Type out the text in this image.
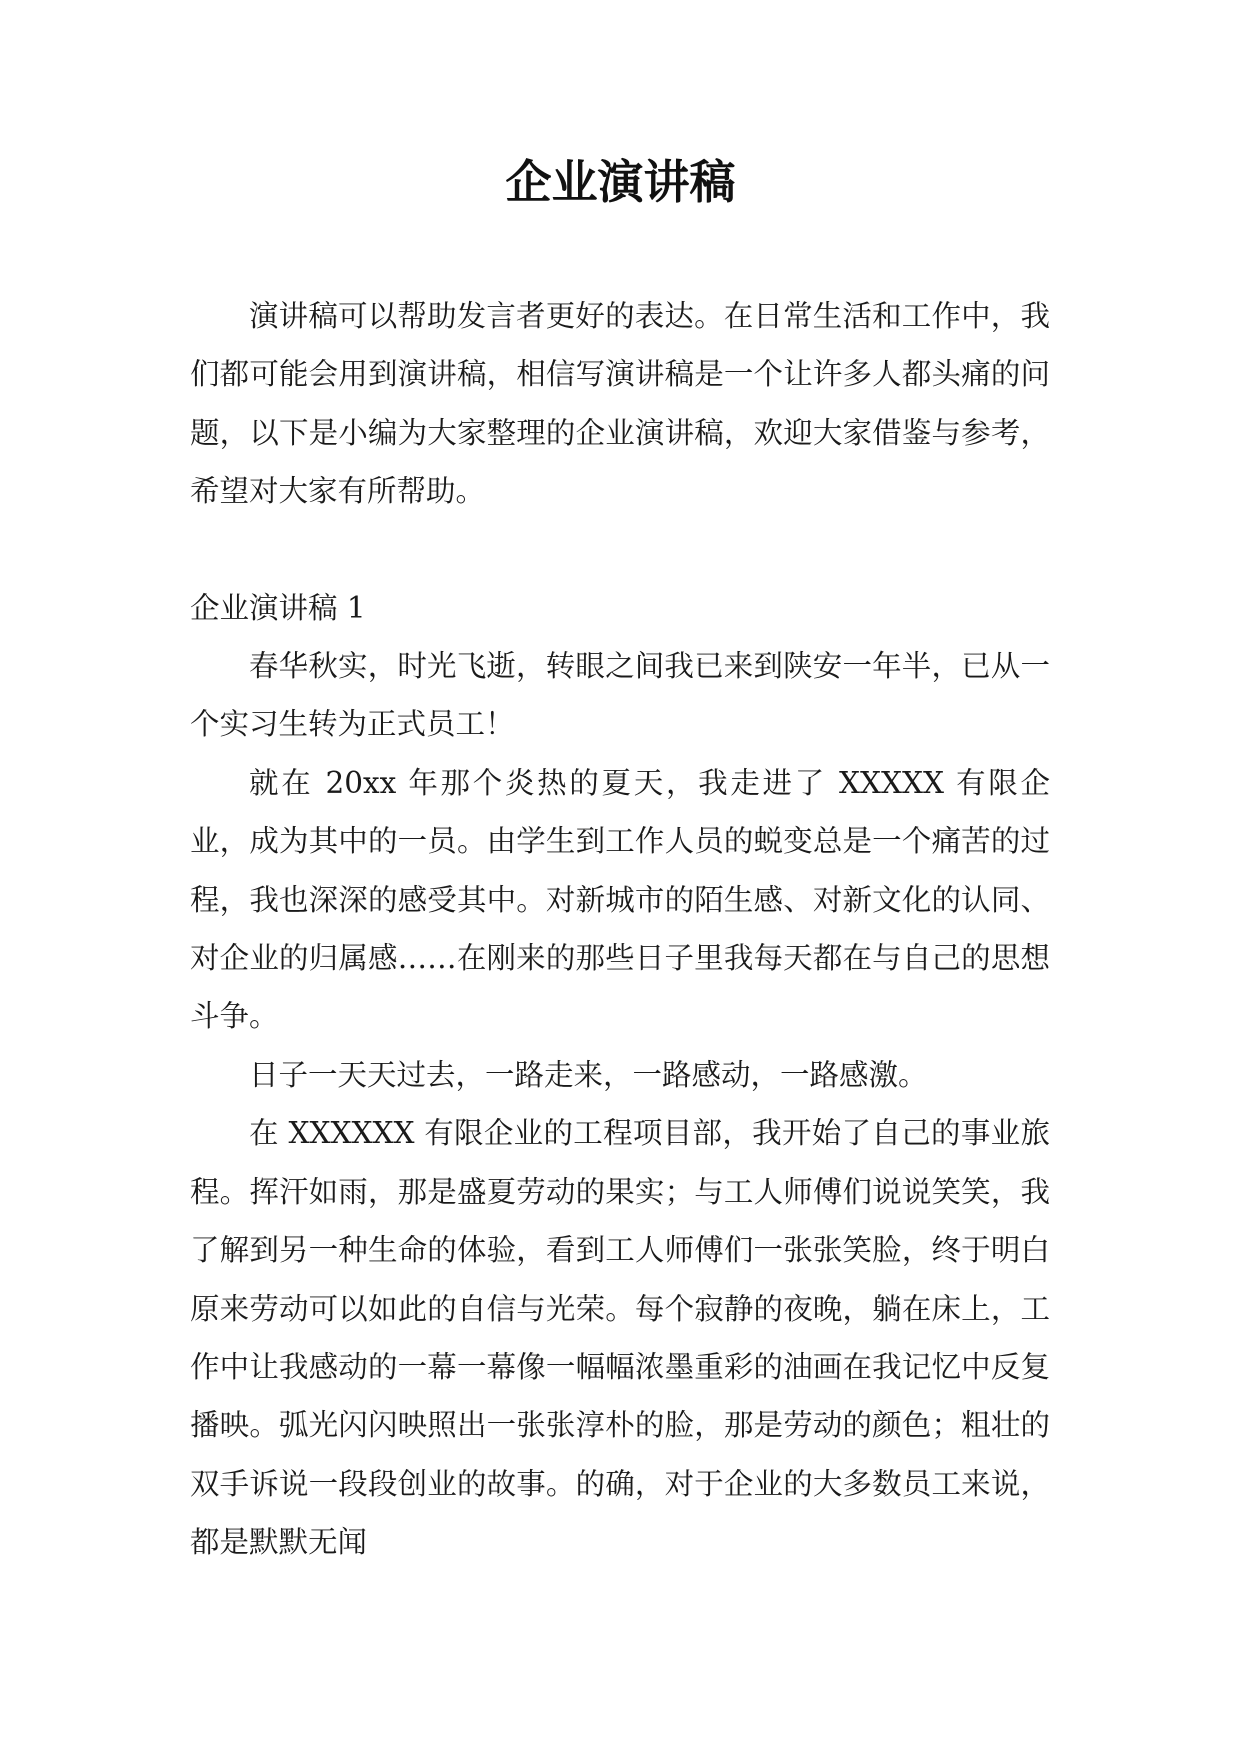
企业演讲稿

演讲稿可以帮助发言者更好的表达。在日常生活和工作中，我们都可能会用到演讲稿，相信写演讲稿是一个让许多人都头痛的问题，以下是小编为大家整理的企业演讲稿，欢迎大家借鉴与参考，希望对大家有所帮助。

企业演讲稿 1

春华秋实，时光飞逝，转眼之间我已来到陕安一年半，已从一个实习生转为正式员工！

就在 20xx 年那个炎热的夏天，我走进了 XXXXX 有限企业，成为其中的一员。由学生到工作人员的蜕变总是一个痛苦的过程，我也深深的感受其中。对新城市的陌生感、对新文化的认同、对企业的归属感……在刚来的那些日子里我每天都在与自己的思想斗争。

日子一天天过去，一路走来，一路感动，一路感激。

在 XXXXXX 有限企业的工程项目部，我开始了自己的事业旅程。挥汗如雨，那是盛夏劳动的果实；与工人师傅们说说笑笑，我了解到另一种生命的体验，看到工人师傅们一张张笑脸，终于明白原来劳动可以如此的自信与光荣。每个寂静的夜晚，躺在床上，工作中让我感动的一幕一幕像一幅幅浓墨重彩的油画在我记忆中反复播映。弧光闪闪映照出一张张淳朴的脸，那是劳动的颜色；粗壮的双手诉说一段段创业的故事。的确，对于企业的大多数员工来说，都是默默无闻
